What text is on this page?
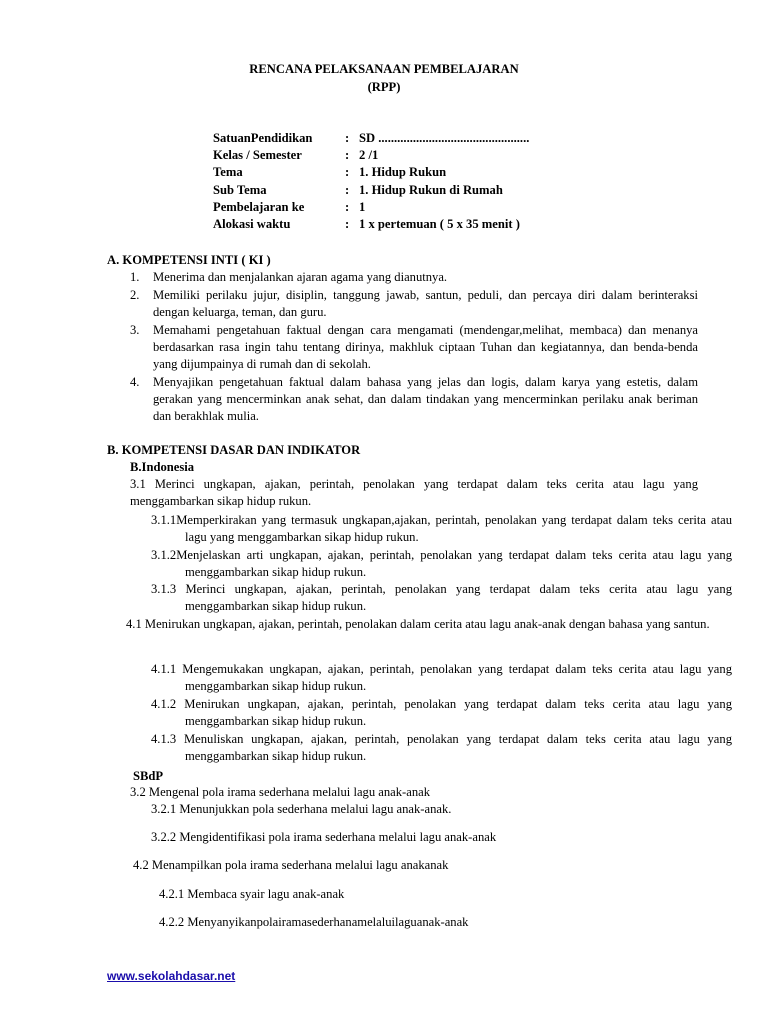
RENCANA PELAKSANAAN PEMBELAJARAN
(RPP)
SatuanPendidikan	:	SD ................................................
Kelas / Semester	:	2 /1
Tema	:	1. Hidup Rukun
Sub Tema	:	1. Hidup Rukun di Rumah
Pembelajaran ke	:	1
Alokasi waktu	:	1 x pertemuan ( 5 x 35 menit )
A. KOMPETENSI INTI ( KI )
1. Menerima dan menjalankan ajaran agama yang dianutnya.
2. Memiliki perilaku jujur, disiplin, tanggung jawab, santun, peduli, dan percaya diri dalam berinteraksi dengan keluarga, teman, dan guru.
3. Memahami pengetahuan faktual dengan cara mengamati (mendengar,melihat, membaca) dan menanya berdasarkan rasa ingin tahu tentang dirinya, makhluk ciptaan Tuhan dan kegiatannya, dan benda-benda yang dijumpainya di rumah dan di sekolah.
4. Menyajikan pengetahuan faktual dalam bahasa yang jelas dan logis, dalam karya yang estetis, dalam gerakan yang mencerminkan anak sehat, dan dalam tindakan yang mencerminkan perilaku anak beriman dan berakhlak mulia.
B. KOMPETENSI DASAR DAN INDIKATOR
B.Indonesia
3.1 Merinci ungkapan, ajakan, perintah, penolakan yang terdapat dalam teks cerita atau lagu yang menggambarkan sikap hidup rukun.
3.1.1Memperkirakan yang termasuk ungkapan,ajakan, perintah, penolakan yang terdapat dalam teks cerita atau lagu yang menggambarkan sikap hidup rukun.
3.1.2Menjelaskan arti ungkapan, ajakan, perintah, penolakan yang terdapat dalam teks cerita atau lagu yang menggambarkan sikap hidup rukun.
3.1.3 Merinci ungkapan, ajakan, perintah, penolakan yang terdapat dalam teks cerita atau lagu yang menggambarkan sikap hidup rukun.
4.1 Menirukan ungkapan, ajakan, perintah, penolakan dalam cerita atau lagu anak-anak dengan bahasa yang santun.
4.1.1 Mengemukakan ungkapan, ajakan, perintah, penolakan yang terdapat dalam teks cerita atau lagu yang menggambarkan sikap hidup rukun.
4.1.2 Menirukan ungkapan, ajakan, perintah, penolakan yang terdapat dalam teks cerita atau lagu yang menggambarkan sikap hidup rukun.
4.1.3 Menuliskan ungkapan, ajakan, perintah, penolakan yang terdapat dalam teks cerita atau lagu yang menggambarkan sikap hidup rukun.
SBdP
3.2 Mengenal pola irama sederhana melalui lagu anak-anak
3.2.1 Menunjukkan pola sederhana melalui lagu anak-anak.
3.2.2 Mengidentifikasi pola irama sederhana melalui lagu anak-anak
4.2 Menampilkan pola irama sederhana melalui lagu anakanak
4.2.1 Membaca syair lagu anak-anak
4.2.2 Menyanyikanpolairamasederhanamelaluilaguanak-anak
www.sekolahdasar.net
